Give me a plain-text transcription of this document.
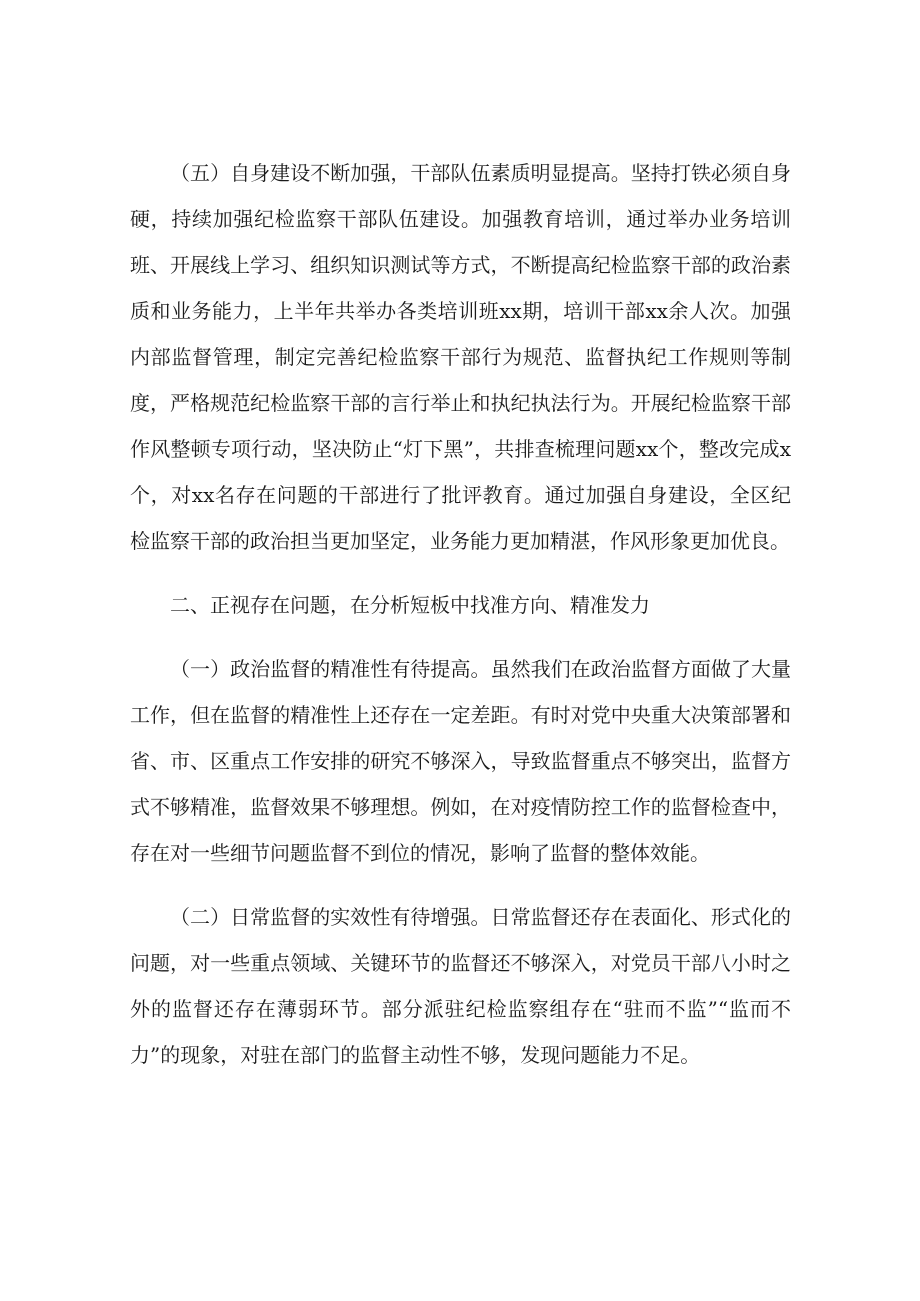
（五）自身建设不断加强，干部队伍素质明显提高。坚持打铁必须自身硬，持续加强纪检监察干部队伍建设。加强教育培训，通过举办业务培训班、开展线上学习、组织知识测试等方式，不断提高纪检监察干部的政治素质和业务能力，上半年共举办各类培训班xx期，培训干部xx余人次。加强内部监督管理，制定完善纪检监察干部行为规范、监督执纪工作规则等制度，严格规范纪检监察干部的言行举止和执纪执法行为。开展纪检监察干部作风整顿专项行动，坚决防止“灯下黑”，共排查梳理问题xx个，整改完成x个，对xx名存在问题的干部进行了批评教育。通过加强自身建设，全区纪检监察干部的政治担当更加坚定，业务能力更加精湛，作风形象更加优良。

二、正视存在问题，在分析短板中找准方向、精准发力

（一）政治监督的精准性有待提高。虽然我们在政治监督方面做了大量工作，但在监督的精准性上还存在一定差距。有时对党中央重大决策部署和省、市、区重点工作安排的研究不够深入，导致监督重点不够突出，监督方式不够精准，监督效果不够理想。例如，在对疫情防控工作的监督检查中，存在对一些细节问题监督不到位的情况，影响了监督的整体效能。

（二）日常监督的实效性有待增强。日常监督还存在表面化、形式化的问题，对一些重点领域、关键环节的监督还不够深入，对党员干部八小时之外的监督还存在薄弱环节。部分派驻纪检监察组存在“驻而不监”“监而不力”的现象，对驻在部门的监督主动性不够，发现问题能力不足。
